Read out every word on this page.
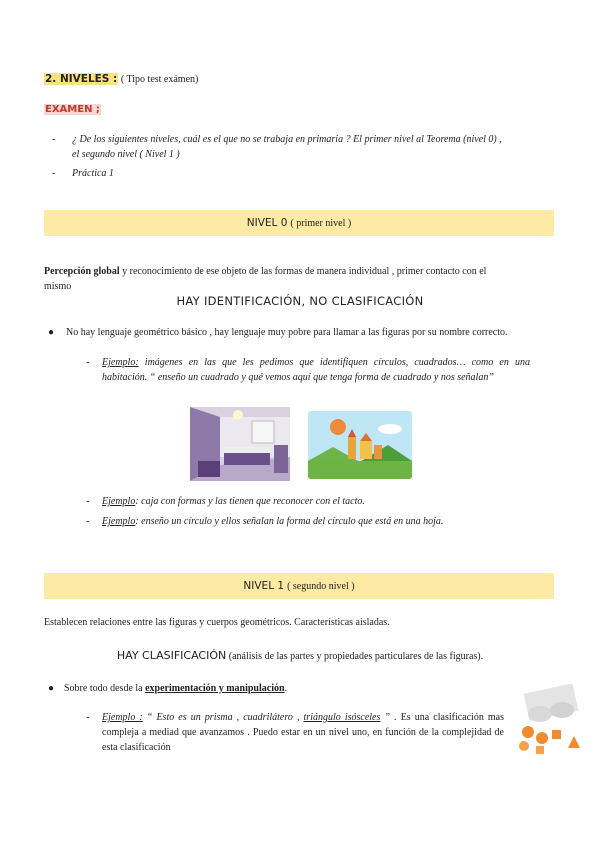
2. NIVELES : ( Tipo test exámen)
EXAMEN ;
- ¿ De los siguientes niveles, cuál es el que no se trabaja en primaria ? El primer nivel al Teorema (nivel 0) ,
el segundo nivel ( Nivel 1 )
- Práctica 1
NIVEL 0 ( primer nivel )
Percepción global y reconocimiento de ese objeto de las formas de manera individual , primer contacto con el
mismo
HAY IDENTIFICACIÓN, NO CLASIFICACIÓN
● No hay lenguaje geométrico básico , hay lenguaje muy pobre para llamar a las figuras por su nombre correcto.
- Ejemplo: imágenes en las que les pedimos que identifiquen círculos, cuadrados… como en una habitación. “ enseño un cuadrado y qué vemos aquí que tenga forma de cuadrado y nos señalan”
- Ejemplo: caja con formas y las tienen que reconocer con el tacto.
- Ejemplo: enseño un círculo y ellos señalan la forma del círculo que está en una hoja.
NIVEL 1 ( segundo nivel )
Establecen relaciones entre las figuras y cuerpos geométricos. Características aisladas.
HAY CLASIFICACIÓN (análisis de las partes y propiedades particulares de las figuras).
● Sobre todo desde la experimentación y manipulación.
- Ejemplo : “ Esto es un prisma , cuadrilátero , triángulo isósceles ” . Es una clasificación mas compleja a mediad que avanzamos . Puedo estar en un nivel uno, en función de la complejidad de esta clasificación
